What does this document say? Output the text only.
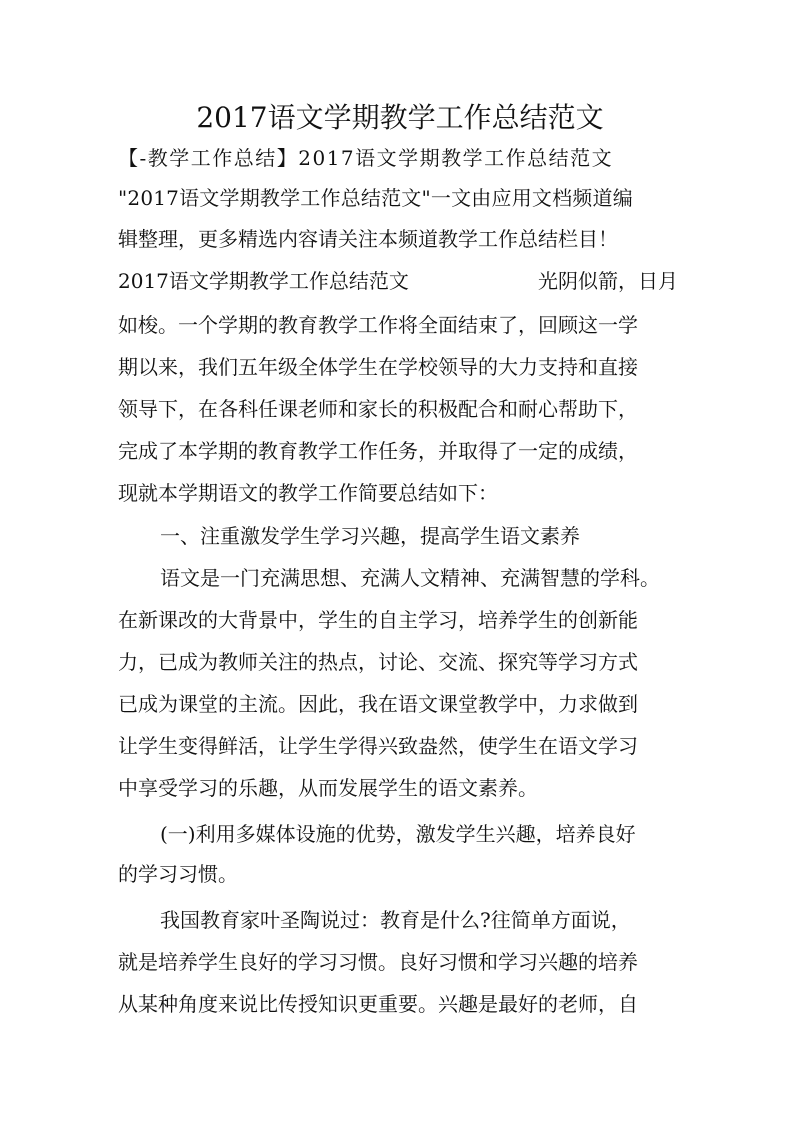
2017语文学期教学工作总结范文
【-教学工作总结】2017语文学期教学工作总结范文
"2017语文学期教学工作总结范文"一文由应用文档频道编
辑整理，更多精选内容请关注本频道教学工作总结栏目！
2017语文学期教学工作总结范文	光阴似箭，日月
如梭。一个学期的教育教学工作将全面结束了，回顾这一学
期以来，我们五年级全体学生在学校领导的大力支持和直接
领导下，在各科任课老师和家长的积极配合和耐心帮助下，
完成了本学期的教育教学工作任务，并取得了一定的成绩，
现就本学期语文的教学工作简要总结如下：
一、注重激发学生学习兴趣，提高学生语文素养
语文是一门充满思想、充满人文精神、充满智慧的学科。
在新课改的大背景中，学生的自主学习，培养学生的创新能
力，已成为教师关注的热点，讨论、交流、探究等学习方式
已成为课堂的主流。因此，我在语文课堂教学中，力求做到
让学生变得鲜活，让学生学得兴致盎然，使学生在语文学习
中享受学习的乐趣，从而发展学生的语文素养。
(一)利用多媒体设施的优势，激发学生兴趣，培养良好
的学习习惯。
我国教育家叶圣陶说过：教育是什么?往简单方面说，
就是培养学生良好的学习习惯。良好习惯和学习兴趣的培养
从某种角度来说比传授知识更重要。兴趣是最好的老师，自
